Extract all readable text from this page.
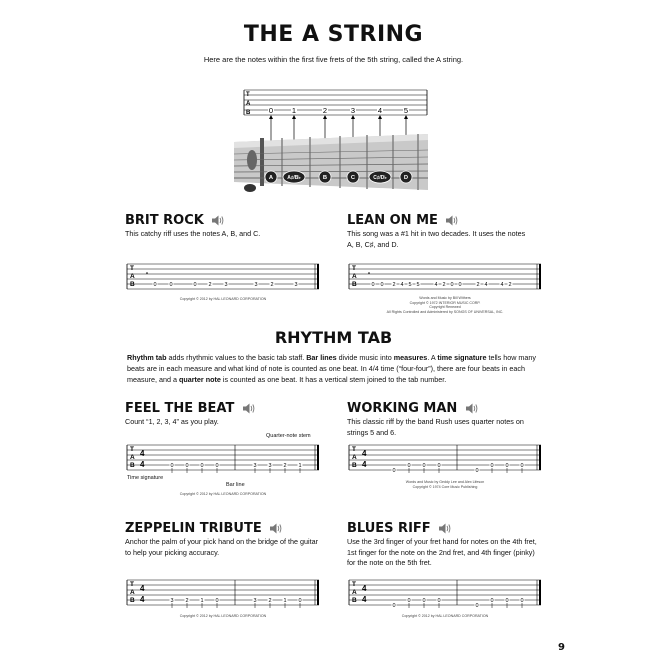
THE A STRING
Here are the notes within the first five frets of the 5th string, called the A string.
T
A
B 0	1	2	3	4	5
A	A♯/B♭	B	C	C♯/D♭	D
BRIT ROCK
This catchy riff uses the notes A, B, and C.
T
A
B	0 0	0 2 3	3 2	3
Copyright © 2012 by HAL LEONARD CORPORATION
LEAN ON ME
This song was a #1 hit in two decades. It uses the notes
A, B, C♯, and D.
T
A
B	0 0 2 4 5 5	4 2 0 0	2 4 4 2
Words and Music by Bill Withers
Copyright © 1972 INTERIOR MUSIC CORP.
Copyright Renewed
All Rights Controlled and Administered by SONGS OF UNIVERSAL, INC.
RHYTHM TAB
Rhythm tab adds rhythmic values to the basic tab staff. Bar lines divide music into measures. A time signature tells how many beats are in each measure and what kind of note is counted as one beat. In 4/4 time (“four-four”), there are four beats in each measure, and a quarter note is counted as one beat. It has a vertical stem joined to the tab number.
FEEL THE BEAT
Count “1, 2, 3, 4” as you play.
Quarter-note stem
T
A
B
4
4	0 0 0 0	3 3 2 1
Time signature
Bar line
Copyright © 2012 by HAL LEONARD CORPORATION
WORKING MAN
This classic riff by the band Rush uses quarter notes on
strings 5 and 6.
T
A
B
4
4
0
0 0 0
0
0 0 0
Words and Music by Geddy Lee and Alex Lifeson
Copyright © 1974 Core Music Publishing
ZEPPELIN TRIBUTE
Anchor the palm of your pick hand on the bridge of the guitar
to help your picking accuracy.
T
A
B
4
4	3 2 1 0	3 2 1 0
Copyright © 2012 by HAL LEONARD CORPORATION
BLUES RIFF
Use the 3rd finger of your fret hand for notes on the 4th fret,
1st finger for the note on the 2nd fret, and 4th finger (pinky)
for the note on the 5th fret.
T
A
B
4
4
0
0 0 0
0
0 0 0
Copyright © 2012 by HAL LEONARD CORPORATION
9
